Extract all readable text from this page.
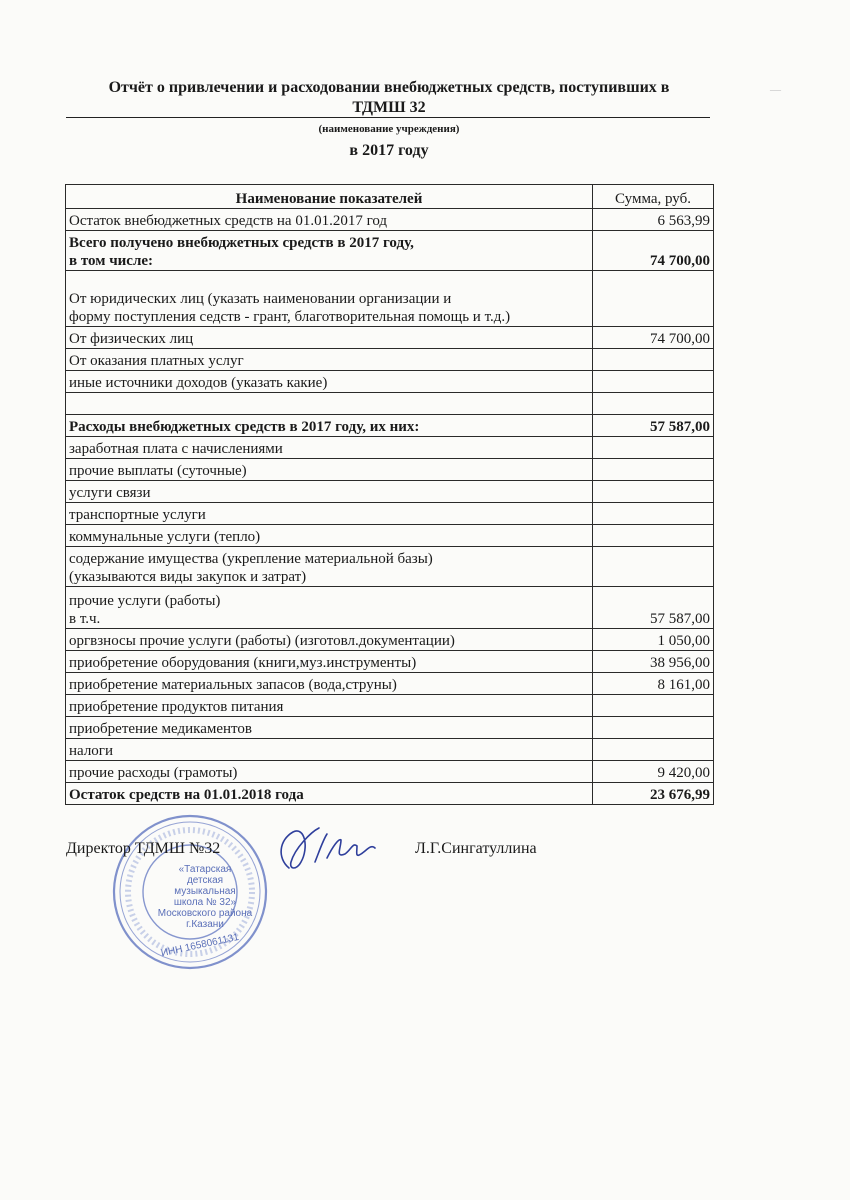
Отчёт о привлечении и расходовании внебюджетных средств, поступивших в
ТДМШ 32
(наименование учреждения)
в 2017 году
Наименование показателей	Сумма, руб.
Остаток внебюджетных средств на 01.01.2017 год	6 563,99
Всего получено внебюджетных средств в 2017 году,
в том числе:	74 700,00
От юридических лиц (указать наименовании организации и
форму поступления седств - грант, благотворительная помощь и т.д.)	
От физических лиц	74 700,00
От оказания платных услуг	
иные источники доходов (указать какие)	

Расходы внебюджетных средств в 2017 году, их них:	57 587,00
заработная плата с начислениями	
прочие выплаты (суточные)	
услуги связи	
транспортные услуги	
коммунальные услуги (тепло)	
содержание имущества (укрепление материальной базы)
(указываются виды закупок и затрат)	
прочие услуги (работы)
в т.ч.	57 587,00
оргвзносы прочие услуги (работы) (изготовл.документации)	1 050,00
приобретение оборудования (книги,муз.инструменты)	38 956,00
приобретение материальных запасов (вода,струны)	8 161,00
приобретение продуктов питания	
приобретение медикаментов	
налоги	
прочие расходы (грамоты)	9 420,00
Остаток средств на 01.01.2018 года	23 676,99
«Татарская
детская
музыкальная
школа № 32»
Московского района
г.Казани
ИНН 1658061131
Директор ТДМШ №32	Л.Г.Сингатуллина
—
